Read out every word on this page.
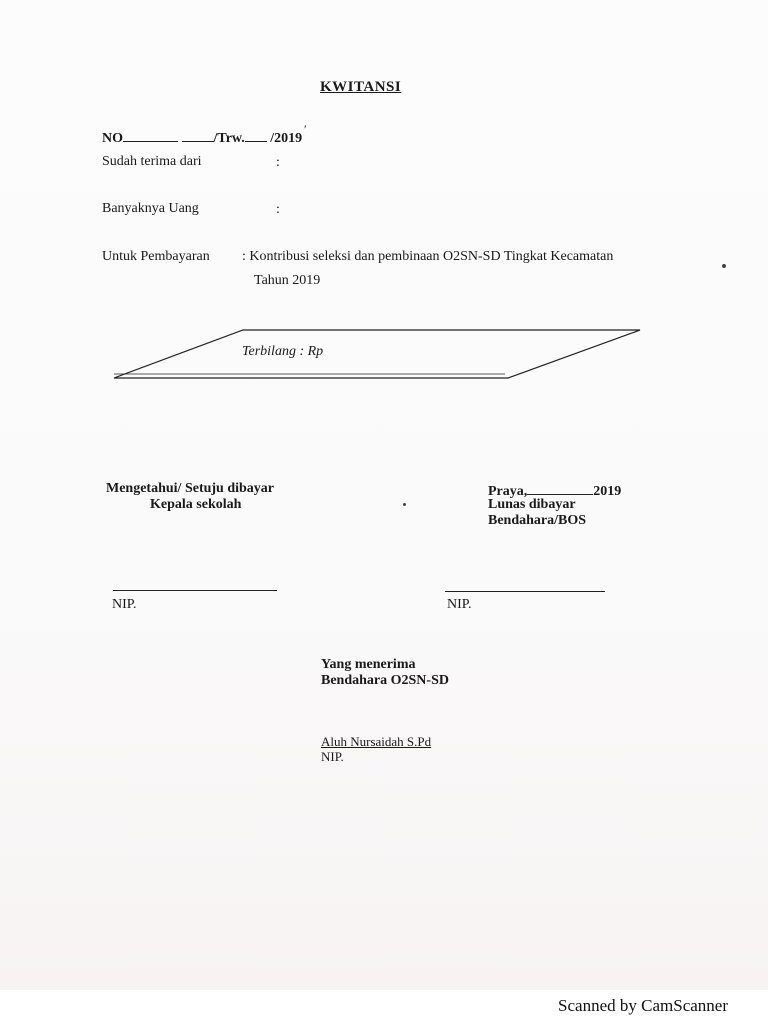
KWITANSI
NO	/Trw. /2019
Sudah terima dari	:
Banyaknya Uang	:
Untuk Pembayaran : Kontribusi seleksi dan pembinaan O2SN-SD Tingkat Kecamatan
Tahun 2019
Terbilang : Rp
Mengetahui/ Setuju dibayar
Kepala sekolah
NIP.
Praya,	2019
Lunas dibayar
Bendahara/BOS
NIP.
Yang menerima
Bendahara O2SN-SD
Aluh Nursaidah S.Pd
NIP.
′
Scanned by CamScanner
